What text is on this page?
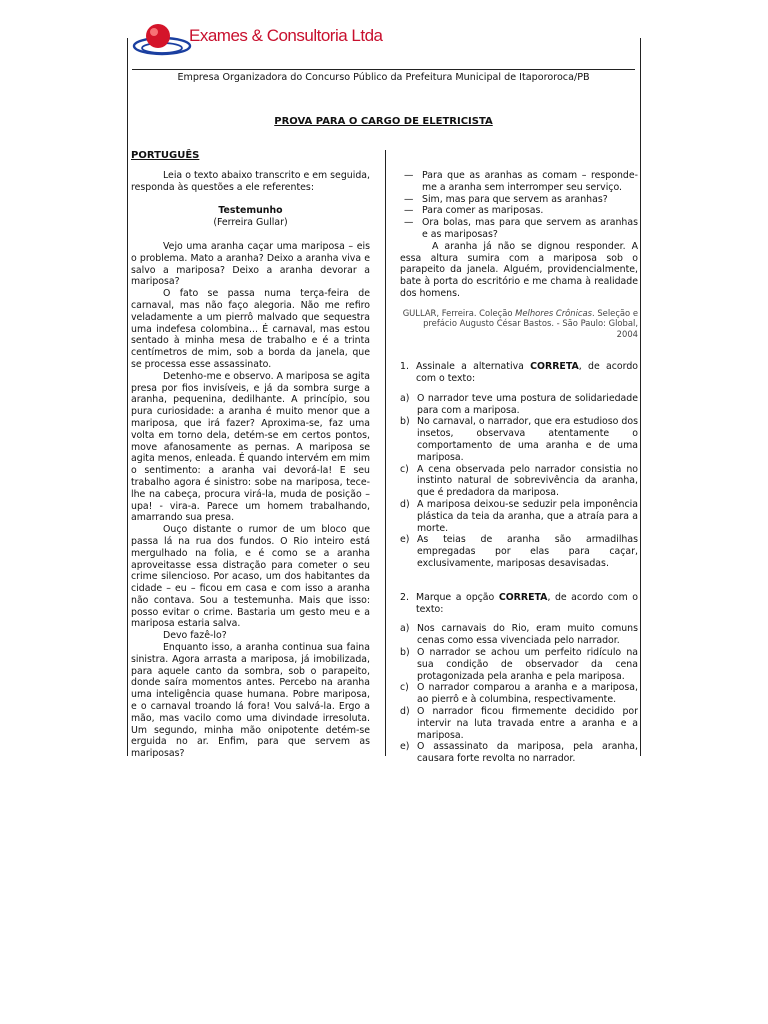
Exames & Consultoria Ltda
Empresa Organizadora do Concurso Público da Prefeitura Municipal de Itapororoca/PB
PROVA PARA O CARGO DE ELETRICISTA
PORTUGUÊS

Leia o texto abaixo transcrito e em seguida, responda às questões a ele referentes:

Testemunho

(Ferreira Gullar)

Vejo uma aranha caçar uma mariposa – eis o problema. Mato a aranha? Deixo a aranha viva e salvo a mariposa? Deixo a aranha devorar a mariposa?

O fato se passa numa terça-feira de carnaval, mas não faço alegoria. Não me refiro veladamente a um pierrô malvado que sequestra uma indefesa colombina... É carnaval, mas estou sentado à minha mesa de trabalho e é a trinta centímetros de mim, sob a borda da janela, que se processa esse assassinato.

Detenho-me e observo. A mariposa se agita presa por fios invisíveis, e já da sombra surge a aranha, pequenina, dedilhante. A princípio, sou pura curiosidade: a aranha é muito menor que a mariposa, que irá fazer? Aproxima-se, faz uma volta em torno dela, detém-se em certos pontos, move afanosamente as pernas. A mariposa se agita menos, enleada. É quando intervém em mim o sentimento: a aranha vai devorá-la! E seu trabalho agora é sinistro: sobe na mariposa, tece-lhe na cabeça, procura virá-la, muda de posição – upa! - vira-a. Parece um homem trabalhando, amarrando sua presa.

Ouço distante o rumor de um bloco que passa lá na rua dos fundos. O Rio inteiro está mergulhado na folia, e é como se a aranha aproveitasse essa distração para cometer o seu crime silencioso. Por acaso, um dos habitantes da cidade – eu – ficou em casa e com isso a aranha não contava. Sou a testemunha. Mais que isso: posso evitar o crime. Bastaria um gesto meu e a mariposa estaria salva.

Devo fazê-lo?

Enquanto isso, a aranha continua sua faina sinistra. Agora arrasta a mariposa, já imobilizada, para aquele canto da sombra, sob o parapeito, donde saíra momentos antes. Percebo na aranha uma inteligência quase humana. Pobre mariposa, e o carnaval troando lá fora! Vou salvá-la. Ergo a mão, mas vacilo como uma divindade irresoluta. Um segundo, minha mão onipotente detém-se erguida no ar. Enfim, para que servem as mariposas?

— Para que as aranhas as comam – responde-me a aranha sem interromper seu serviço.
— Sim, mas para que servem as aranhas?
— Para comer as mariposas.
— Ora bolas, mas para que servem as aranhas e as mariposas?

A aranha já não se dignou responder. A essa altura sumira com a mariposa sob o parapeito da janela. Alguém, providencialmente, bate à porta do escritório e me chama à realidade dos homens.

GULLAR, Ferreira. Coleção Melhores Crônicas. Seleção e prefácio Augusto César Bastos. - São Paulo: Global, 2004

1. Assinale a alternativa CORRETA, de acordo com o texto:
a) O narrador teve uma postura de solidariedade para com a mariposa.
b) No carnaval, o narrador, que era estudioso dos insetos, observava atentamente o comportamento de uma aranha e de uma mariposa.
c) A cena observada pelo narrador consistia no instinto natural de sobrevivência da aranha, que é predadora da mariposa.
d) A mariposa deixou-se seduzir pela imponência plástica da teia da aranha, que a atraía para a morte.
e) As teias de aranha são armadilhas empregadas por elas para caçar, exclusivamente, mariposas desavisadas.
2. Marque a opção CORRETA, de acordo com o texto:
a) Nos carnavais do Rio, eram muito comuns cenas como essa vivenciada pelo narrador.
b) O narrador se achou um perfeito ridículo na sua condição de observador da cena protagonizada pela aranha e pela mariposa.
c) O narrador comparou a aranha e a mariposa, ao pierrô e à columbina, respectivamente.
d) O narrador ficou firmemente decidido por intervir na luta travada entre a aranha e a mariposa.
e) O assassinato da mariposa, pela aranha, causara forte revolta no narrador.
